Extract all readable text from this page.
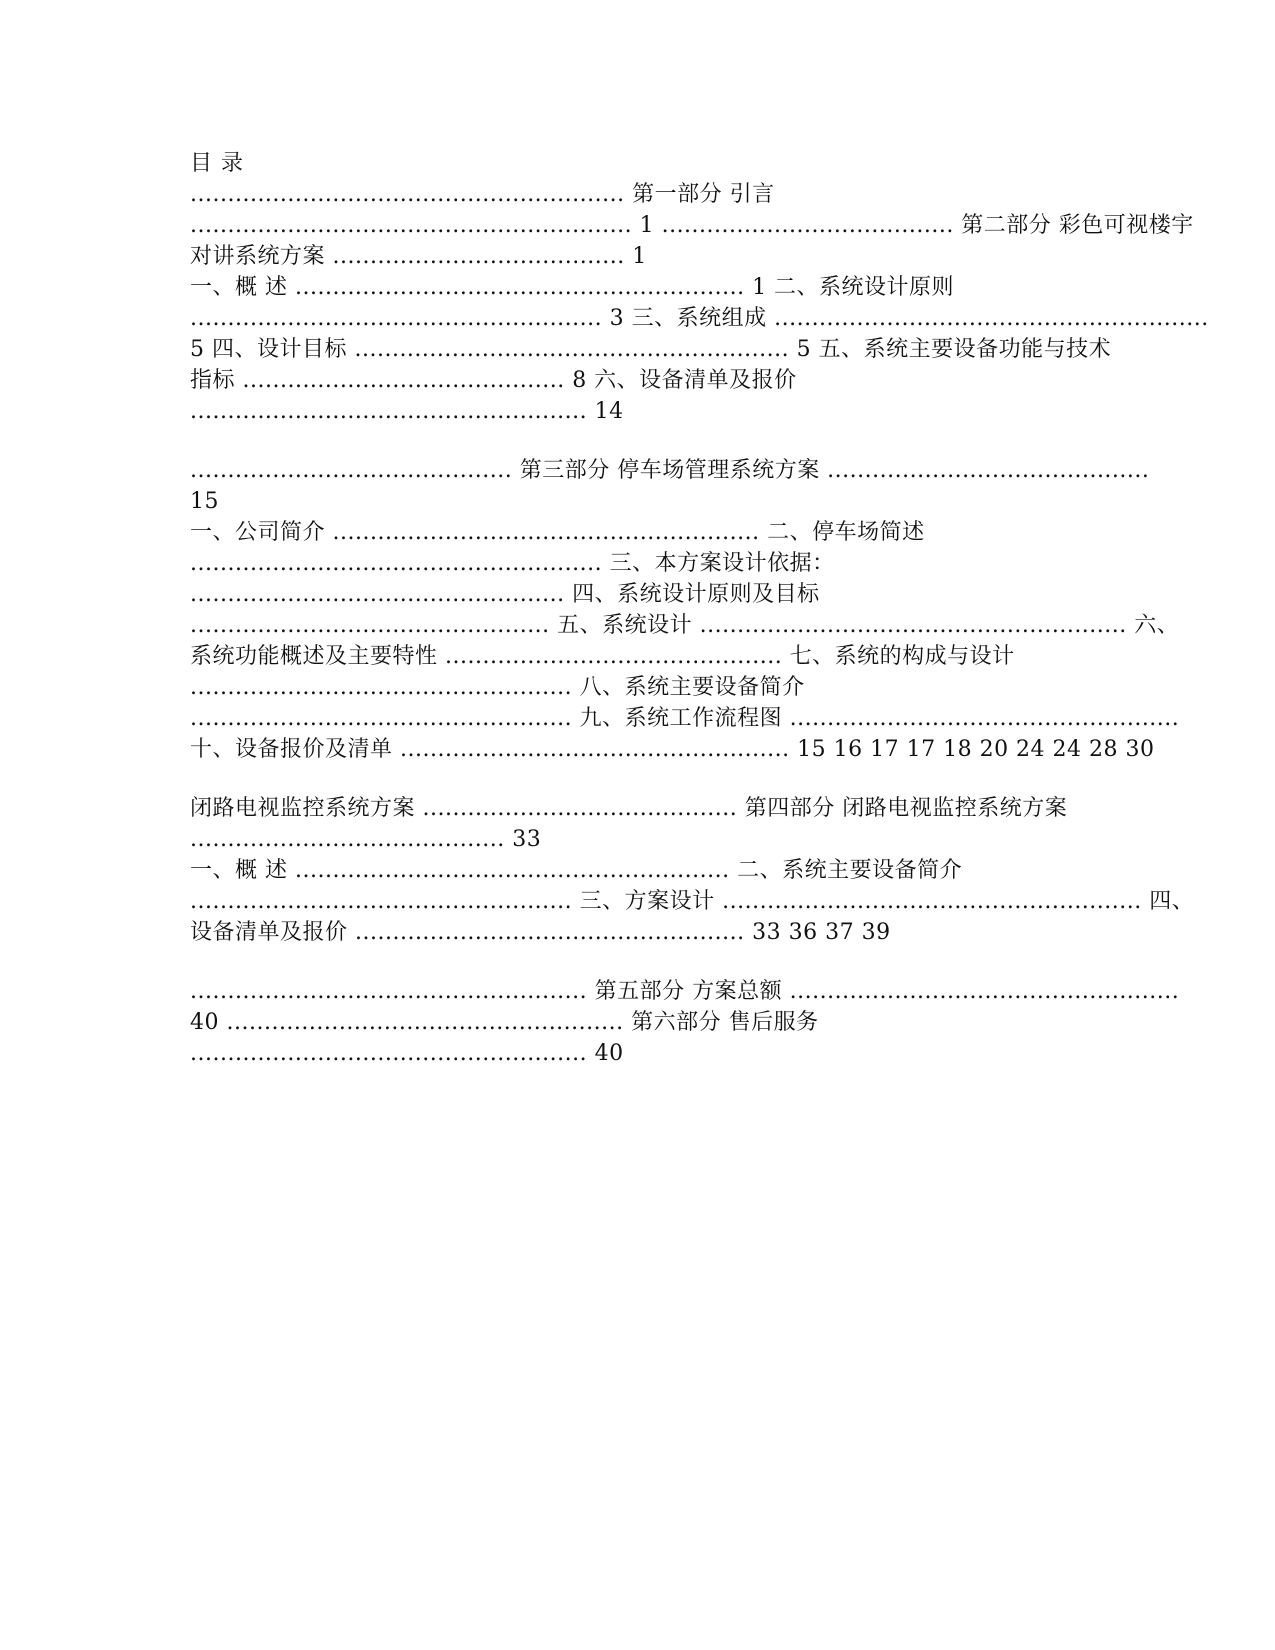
目 录
.......................................................... 第一部分 引言
........................................................... 1 ....................................... 第二部分 彩色可视楼宇
对讲系统方案 ....................................... 1
一、概 述 ............................................................ 1 二、系统设计原则
....................................................... 3 三、系统组成 ..........................................................
5 四、设计目标 .......................................................... 5 五、系统主要设备功能与技术
指标 ........................................... 8 六、设备清单及报价
..................................................... 14
........................................... 第三部分 停车场管理系统方案 ...........................................
15
一、公司简介 ......................................................... 二、停车场简述
....................................................... 三、本方案设计依据：
.................................................. 四、系统设计原则及目标
................................................ 五、系统设计 ......................................................... 六、
系统功能概述及主要特性 ............................................. 七、系统的构成与设计
................................................... 八、系统主要设备简介
................................................... 九、系统工作流程图 ....................................................
十、设备报价及清单 .................................................... 15 16 17 17 18 20 24 24 28 30
闭路电视监控系统方案 .......................................... 第四部分 闭路电视监控系统方案
.......................................... 33
一、概 述 .......................................................... 二、系统主要设备简介
................................................... 三、方案设计 ........................................................ 四、
设备清单及报价 .................................................... 33 36 37 39
..................................................... 第五部分 方案总额 ....................................................
40 ..................................................... 第六部分 售后服务
..................................................... 40
